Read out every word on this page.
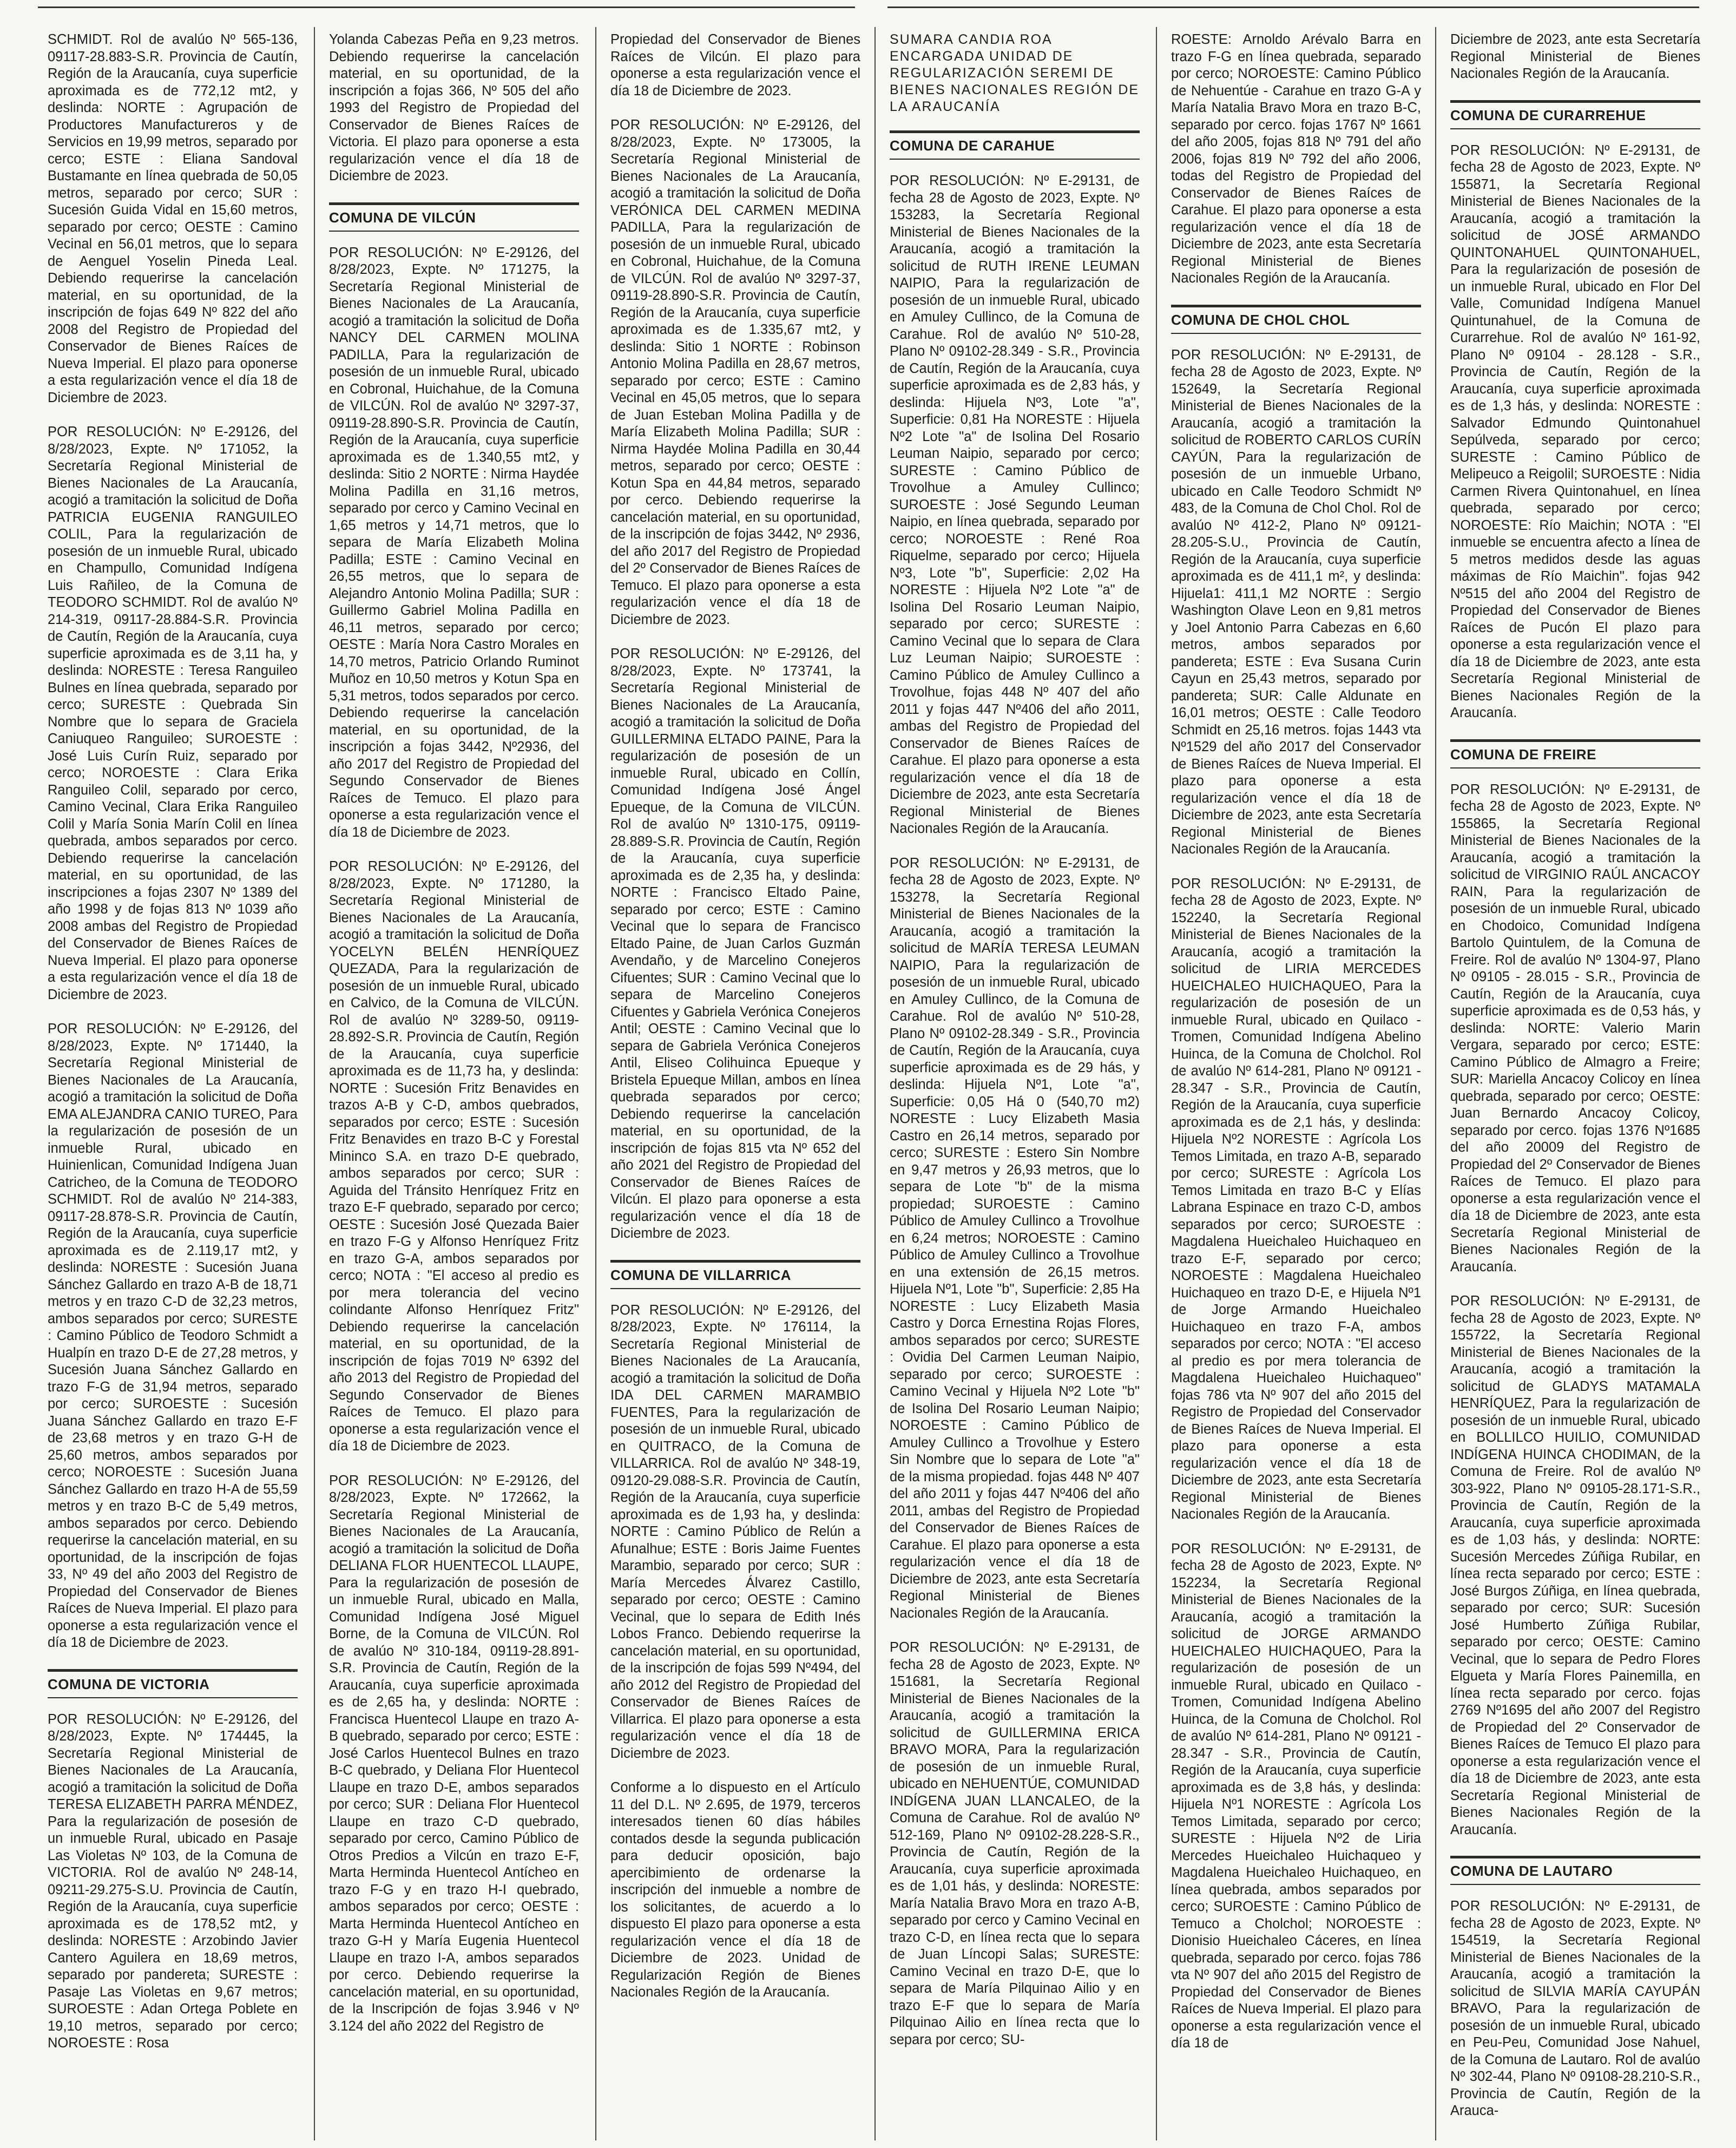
SCHMIDT. Rol de avalúo Nº 565-136, 09117-28.883-S.R. Provincia de Cautín, Región de la Araucanía, cuya superficie aproximada es de 772,12 mt2, y deslinda: NORTE : Agrupación de Productores Manufactureros y de Servicios en 19,99 metros, separado por cerco; ESTE : Eliana Sandoval Bustamante en línea quebrada de 50,05 metros, separado por cerco; SUR : Sucesión Guida Vidal en 15,60 metros, separado por cerco; OESTE : Camino Vecinal en 56,01 metros, que lo separa de Aenguel Yoselin Pineda Leal. Debiendo requerirse la cancelación material, en su oportunidad, de la inscripción de fojas 649 Nº 822 del año 2008 del Registro de Propiedad del Conservador de Bienes Raíces de Nueva Imperial. El plazo para oponerse a esta regularización vence el día 18 de Diciembre de 2023.

POR RESOLUCIÓN: Nº E-29126, del 8/28/2023, Expte. Nº 171052, la Secretaría Regional Ministerial de Bienes Nacionales de La Araucanía, acogió a tramitación la solicitud de Doña PATRICIA EUGENIA RANGUILEO COLIL, Para la regularización de posesión de un inmueble Rural, ubicado en Champullo, Comunidad Indígena Luis Rañileo, de la Comuna de TEODORO SCHMIDT. Rol de avalúo Nº 214-319, 09117-28.884-S.R. Provincia de Cautín, Región de la Araucanía, cuya superficie aproximada es de 3,11 ha, y deslinda: NORESTE : Teresa Ranguileo Bulnes en línea quebrada, separado por cerco; SURESTE : Quebrada Sin Nombre que lo separa de Graciela Caniuqueo Ranguileo; SUROESTE : José Luis Curín Ruiz, separado por cerco; NOROESTE : Clara Erika Ranguileo Colil, separado por cerco, Camino Vecinal, Clara Erika Ranguileo Colil y María Sonia Marín Colil en línea quebrada, ambos separados por cerco. Debiendo requerirse la cancelación material, en su oportunidad, de las inscripciones a fojas 2307 Nº 1389 del año 1998 y de fojas 813 Nº 1039 año 2008 ambas del Registro de Propiedad del Conservador de Bienes Raíces de Nueva Imperial. El plazo para oponerse a esta regularización vence el día 18 de Diciembre de 2023.

POR RESOLUCIÓN: Nº E-29126, del 8/28/2023, Expte. Nº 171440, la Secretaría Regional Ministerial de Bienes Nacionales de La Araucanía, acogió a tramitación la solicitud de Doña EMA ALEJANDRA CANIO TUREO, Para la regularización de posesión de un inmueble Rural, ubicado en Huinienlican, Comunidad Indígena Juan Catricheo, de la Comuna de TEODORO SCHMIDT. Rol de avalúo Nº 214-383, 09117-28.878-S.R. Provincia de Cautín, Región de la Araucanía, cuya superficie aproximada es de 2.119,17 mt2, y deslinda: NORESTE : Sucesión Juana Sánchez Gallardo en trazo A-B de 18,71 metros y en trazo C-D de 32,23 metros, ambos separados por cerco; SURESTE : Camino Público de Teodoro Schmidt a Hualpín en trazo D-E de 27,28 metros, y Sucesión Juana Sánchez Gallardo en trazo F-G de 31,94 metros, separado por cerco; SUROESTE : Sucesión Juana Sánchez Gallardo en trazo E-F de 23,68 metros y en trazo G-H de 25,60 metros, ambos separados por cerco; NOROESTE : Sucesión Juana Sánchez Gallardo en trazo H-A de 55,59 metros y en trazo B-C de 5,49 metros, ambos separados por cerco. Debiendo requerirse la cancelación material, en su oportunidad, de la inscripción de fojas 33, Nº 49 del año 2003 del Registro de Propiedad del Conservador de Bienes Raíces de Nueva Imperial. El plazo para oponerse a esta regularización vence el día 18 de Diciembre de 2023.

COMUNA DE VICTORIA

POR RESOLUCIÓN: Nº E-29126, del 8/28/2023, Expte. Nº 174445, la Secretaría Regional Ministerial de Bienes Nacionales de La Araucanía, acogió a tramitación la solicitud de Doña TERESA ELIZABETH PARRA MÉNDEZ, Para la regularización de posesión de un inmueble Rural, ubicado en Pasaje Las Violetas Nº 103, de la Comuna de VICTORIA. Rol de avalúo Nº 248-14, 09211-29.275-S.U. Provincia de Cautín, Región de la Araucanía, cuya superficie aproximada es de 178,52 mt2, y deslinda: NORESTE : Arzobindo Javier Cantero Aguilera en 18,69 metros, separado por pandereta; SURESTE : Pasaje Las Violetas en 9,67 metros; SUROESTE : Adan Ortega Poblete en 19,10 metros, separado por cerco; NOROESTE : Rosa

Yolanda Cabezas Peña en 9,23 metros. Debiendo requerirse la cancelación material, en su oportunidad, de la inscripción a fojas 366, Nº 505 del año 1993 del Registro de Propiedad del Conservador de Bienes Raíces de Victoria. El plazo para oponerse a esta regularización vence el día 18 de Diciembre de 2023.

COMUNA DE VILCÚN

POR RESOLUCIÓN: Nº E-29126, del 8/28/2023, Expte. Nº 171275, la Secretaría Regional Ministerial de Bienes Nacionales de La Araucanía, acogió a tramitación la solicitud de Doña NANCY DEL CARMEN MOLINA PADILLA, Para la regularización de posesión de un inmueble Rural, ubicado en Cobronal, Huichahue, de la Comuna de VILCÚN. Rol de avalúo Nº 3297-37, 09119-28.890-S.R. Provincia de Cautín, Región de la Araucanía, cuya superficie aproximada es de 1.340,55 mt2, y deslinda: Sitio 2 NORTE : Nirma Haydée Molina Padilla en 31,16 metros, separado por cerco y Camino Vecinal en 1,65 metros y 14,71 metros, que lo separa de María Elizabeth Molina Padilla; ESTE : Camino Vecinal en 26,55 metros, que lo separa de Alejandro Antonio Molina Padilla; SUR : Guillermo Gabriel Molina Padilla en 46,11 metros, separado por cerco; OESTE : María Nora Castro Morales en 14,70 metros, Patricio Orlando Ruminot Muñoz en 10,50 metros y Kotun Spa en 5,31 metros, todos separados por cerco. Debiendo requerirse la cancelación material, en su oportunidad, de la inscripción a fojas 3442, Nº2936, del año 2017 del Registro de Propiedad del Segundo Conservador de Bienes Raíces de Temuco. El plazo para oponerse a esta regularización vence el día 18 de Diciembre de 2023.

POR RESOLUCIÓN: Nº E-29126, del 8/28/2023, Expte. Nº 171280, la Secretaría Regional Ministerial de Bienes Nacionales de La Araucanía, acogió a tramitación la solicitud de Doña YOCELYN BELÉN HENRÍQUEZ QUEZADA, Para la regularización de posesión de un inmueble Rural, ubicado en Calvico, de la Comuna de VILCÚN. Rol de avalúo Nº 3289-50, 09119-28.892-S.R. Provincia de Cautín, Región de la Araucanía, cuya superficie aproximada es de 11,73 ha, y deslinda: NORTE : Sucesión Fritz Benavides en trazos A-B y C-D, ambos quebrados, separados por cerco; ESTE : Sucesión Fritz Benavides en trazo B-C y Forestal Mininco S.A. en trazo D-E quebrado, ambos separados por cerco; SUR : Aguida del Tránsito Henríquez Fritz en trazo E-F quebrado, separado por cerco; OESTE : Sucesión José Quezada Baier en trazo F-G y Alfonso Henríquez Fritz en trazo G-A, ambos separados por cerco; NOTA : "El acceso al predio es por mera tolerancia del vecino colindante Alfonso Henríquez Fritz" Debiendo requerirse la cancelación material, en su oportunidad, de la inscripción de fojas 7019 Nº 6392 del año 2013 del Registro de Propiedad del Segundo Conservador de Bienes Raíces de Temuco. El plazo para oponerse a esta regularización vence el día 18 de Diciembre de 2023.

POR RESOLUCIÓN: Nº E-29126, del 8/28/2023, Expte. Nº 172662, la Secretaría Regional Ministerial de Bienes Nacionales de La Araucanía, acogió a tramitación la solicitud de Doña DELIANA FLOR HUENTECOL LLAUPE, Para la regularización de posesión de un inmueble Rural, ubicado en Malla, Comunidad Indígena José Miguel Borne, de la Comuna de VILCÚN. Rol de avalúo Nº 310-184, 09119-28.891-S.R. Provincia de Cautín, Región de la Araucanía, cuya superficie aproximada es de 2,65 ha, y deslinda: NORTE : Francisca Huentecol Llaupe en trazo A-B quebrado, separado por cerco; ESTE : José Carlos Huentecol Bulnes en trazo B-C quebrado, y Deliana Flor Huentecol Llaupe en trazo D-E, ambos separados por cerco; SUR : Deliana Flor Huentecol Llaupe en trazo C-D quebrado, separado por cerco, Camino Público de Otros Predios a Vilcún en trazo E-F, Marta Herminda Huentecol Antícheo en trazo F-G y en trazo H-I quebrado, ambos separados por cerco; OESTE : Marta Herminda Huentecol Antícheo en trazo G-H y María Eugenia Huentecol Llaupe en trazo I-A, ambos separados por cerco. Debiendo requerirse la cancelación material, en su oportunidad, de la Inscripción de fojas 3.946 v Nº 3.124 del año 2022 del Registro de

Propiedad del Conservador de Bienes Raíces de Vilcún. El plazo para oponerse a esta regularización vence el día 18 de Diciembre de 2023.

POR RESOLUCIÓN: Nº E-29126, del 8/28/2023, Expte. Nº 173005, la Secretaría Regional Ministerial de Bienes Nacionales de La Araucanía, acogió a tramitación la solicitud de Doña VERÓNICA DEL CARMEN MEDINA PADILLA, Para la regularización de posesión de un inmueble Rural, ubicado en Cobronal, Huichahue, de la Comuna de VILCÚN. Rol de avalúo Nº 3297-37, 09119-28.890-S.R. Provincia de Cautín, Región de la Araucanía, cuya superficie aproximada es de 1.335,67 mt2, y deslinda: Sitio 1 NORTE : Robinson Antonio Molina Padilla en 28,67 metros, separado por cerco; ESTE : Camino Vecinal en 45,05 metros, que lo separa de Juan Esteban Molina Padilla y de María Elizabeth Molina Padilla; SUR : Nirma Haydée Molina Padilla en 30,44 metros, separado por cerco; OESTE : Kotun Spa en 44,84 metros, separado por cerco. Debiendo requerirse la cancelación material, en su oportunidad, de la inscripción de fojas 3442, Nº 2936, del año 2017 del Registro de Propiedad del 2º Conservador de Bienes Raíces de Temuco. El plazo para oponerse a esta regularización vence el día 18 de Diciembre de 2023.

POR RESOLUCIÓN: Nº E-29126, del 8/28/2023, Expte. Nº 173741, la Secretaría Regional Ministerial de Bienes Nacionales de La Araucanía, acogió a tramitación la solicitud de Doña GUILLERMINA ELTADO PAINE, Para la regularización de posesión de un inmueble Rural, ubicado en Collín, Comunidad Indígena José Ángel Epueque, de la Comuna de VILCÚN. Rol de avalúo Nº 1310-175, 09119-28.889-S.R. Provincia de Cautín, Región de la Araucanía, cuya superficie aproximada es de 2,35 ha, y deslinda: NORTE : Francisco Eltado Paine, separado por cerco; ESTE : Camino Vecinal que lo separa de Francisco Eltado Paine, de Juan Carlos Guzmán Avendaño, y de Marcelino Conejeros Cifuentes; SUR : Camino Vecinal que lo separa de Marcelino Conejeros Cifuentes y Gabriela Verónica Conejeros Antil; OESTE : Camino Vecinal que lo separa de Gabriela Verónica Conejeros Antil, Eliseo Colihuinca Epueque y Bristela Epueque Millan, ambos en línea quebrada separados por cerco; Debiendo requerirse la cancelación material, en su oportunidad, de la inscripción de fojas 815 vta Nº 652 del año 2021 del Registro de Propiedad del Conservador de Bienes Raíces de Vilcún. El plazo para oponerse a esta regularización vence el día 18 de Diciembre de 2023.

COMUNA DE VILLARRICA

POR RESOLUCIÓN: Nº E-29126, del 8/28/2023, Expte. Nº 176114, la Secretaría Regional Ministerial de Bienes Nacionales de La Araucanía, acogió a tramitación la solicitud de Doña IDA DEL CARMEN MARAMBIO FUENTES, Para la regularización de posesión de un inmueble Rural, ubicado en QUITRACO, de la Comuna de VILLARRICA. Rol de avalúo Nº 348-19, 09120-29.088-S.R. Provincia de Cautín, Región de la Araucanía, cuya superficie aproximada es de 1,93 ha, y deslinda: NORTE : Camino Público de Relún a Afunalhue; ESTE : Boris Jaime Fuentes Marambio, separado por cerco; SUR : María Mercedes Álvarez Castillo, separado por cerco; OESTE : Camino Vecinal, que lo separa de Edith Inés Lobos Franco. Debiendo requerirse la cancelación material, en su oportunidad, de la inscripción de fojas 599 Nº494, del año 2012 del Registro de Propiedad del Conservador de Bienes Raíces de Villarrica. El plazo para oponerse a esta regularización vence el día 18 de Diciembre de 2023.

Conforme a lo dispuesto en el Artículo 11 del D.L. Nº 2.695, de 1979, terceros interesados tienen 60 días hábiles contados desde la segunda publicación para deducir oposición, bajo apercibimiento de ordenarse la inscripción del inmueble a nombre de los solicitantes, de acuerdo a lo dispuesto El plazo para oponerse a esta regularización vence el día 18 de Diciembre de 2023. Unidad de Regularización Región de Bienes Nacionales Región de la Araucanía.

SUMARA CANDIA ROA ENCARGADA UNIDAD DE REGULARIZACIÓN SEREMI DE BIENES NACIONALES REGIÓN DE LA ARAUCANÍA
COMUNA DE CARAHUE

POR RESOLUCIÓN: Nº E-29131, de fecha 28 de Agosto de 2023, Expte. Nº 153283, la Secretaría Regional Ministerial de Bienes Nacionales de la Araucanía, acogió a tramitación la solicitud de RUTH IRENE LEUMAN NAIPIO, Para la regularización de posesión de un inmueble Rural, ubicado en Amuley Cullinco, de la Comuna de Carahue. Rol de avalúo Nº 510-28, Plano Nº 09102-28.349 - S.R., Provincia de Cautín, Región de la Araucanía, cuya superficie aproximada es de 2,83 hás, y deslinda: Hijuela Nº3, Lote "a", Superficie: 0,81 Ha NORESTE : Hijuela Nº2 Lote "a" de Isolina Del Rosario Leuman Naipio, separado por cerco; SURESTE : Camino Público de Trovolhue a Amuley Cullinco; SUROESTE : José Segundo Leuman Naipio, en línea quebrada, separado por cerco; NOROESTE : René Roa Riquelme, separado por cerco; Hijuela Nº3, Lote "b", Superficie: 2,02 Ha NORESTE : Hijuela Nº2 Lote "a" de Isolina Del Rosario Leuman Naipio, separado por cerco; SURESTE : Camino Vecinal que lo separa de Clara Luz Leuman Naipio; SUROESTE : Camino Público de Amuley Cullinco a Trovolhue, fojas 448 Nº 407 del año 2011 y fojas 447 Nº406 del año 2011, ambas del Registro de Propiedad del Conservador de Bienes Raíces de Carahue. El plazo para oponerse a esta regularización vence el día 18 de Diciembre de 2023, ante esta Secretaría Regional Ministerial de Bienes Nacionales Región de la Araucanía.

POR RESOLUCIÓN: Nº E-29131, de fecha 28 de Agosto de 2023, Expte. Nº 153278, la Secretaría Regional Ministerial de Bienes Nacionales de la Araucanía, acogió a tramitación la solicitud de MARÍA TERESA LEUMAN NAIPIO, Para la regularización de posesión de un inmueble Rural, ubicado en Amuley Cullinco, de la Comuna de Carahue. Rol de avalúo Nº 510-28, Plano Nº 09102-28.349 - S.R., Provincia de Cautín, Región de la Araucanía, cuya superficie aproximada es de 29 hás, y deslinda: Hijuela Nº1, Lote "a", Superficie: 0,05 Há 0 (540,70 m2) NORESTE : Lucy Elizabeth Masia Castro en 26,14 metros, separado por cerco; SURESTE : Estero Sin Nombre en 9,47 metros y 26,93 metros, que lo separa de Lote "b" de la misma propiedad; SUROESTE : Camino Público de Amuley Cullinco a Trovolhue en 6,24 metros; NOROESTE : Camino Público de Amuley Cullinco a Trovolhue en una extensión de 26,15 metros. Hijuela Nº1, Lote "b", Superficie: 2,85 Ha NORESTE : Lucy Elizabeth Masia Castro y Dorca Ernestina Rojas Flores, ambos separados por cerco; SURESTE : Ovidia Del Carmen Leuman Naipio, separado por cerco; SUROESTE : Camino Vecinal y Hijuela Nº2 Lote "b" de Isolina Del Rosario Leuman Naipio; NOROESTE : Camino Público de Amuley Cullinco a Trovolhue y Estero Sin Nombre que lo separa de Lote "a" de la misma propiedad. fojas 448 Nº 407 del año 2011 y fojas 447 Nº406 del año 2011, ambas del Registro de Propiedad del Conservador de Bienes Raíces de Carahue. El plazo para oponerse a esta regularización vence el día 18 de Diciembre de 2023, ante esta Secretaría Regional Ministerial de Bienes Nacionales Región de la Araucanía.

POR RESOLUCIÓN: Nº E-29131, de fecha 28 de Agosto de 2023, Expte. Nº 151681, la Secretaría Regional Ministerial de Bienes Nacionales de la Araucanía, acogió a tramitación la solicitud de GUILLERMINA ERICA BRAVO MORA, Para la regularización de posesión de un inmueble Rural, ubicado en NEHUENTÚE, COMUNIDAD INDÍGENA JUAN LLANCALEO, de la Comuna de Carahue. Rol de avalúo Nº 512-169, Plano Nº 09102-28.228-S.R., Provincia de Cautín, Región de la Araucanía, cuya superficie aproximada es de 1,01 hás, y deslinda: NORESTE: María Natalia Bravo Mora en trazo A-B, separado por cerco y Camino Vecinal en trazo C-D, en línea recta que lo separa de Juan Líncopi Salas; SURESTE: Camino Vecinal en trazo D-E, que lo separa de María Pilquinao Ailio y en trazo E-F que lo separa de María Pilquinao Ailio en línea recta que lo separa por cerco; SU-

ROESTE: Arnoldo Arévalo Barra en trazo F-G en línea quebrada, separado por cerco; NOROESTE: Camino Público de Nehuentúe - Carahue en trazo G-A y María Natalia Bravo Mora en trazo B-C, separado por cerco. fojas 1767 Nº 1661 del año 2005, fojas 818 Nº 791 del año 2006, fojas 819 Nº 792 del año 2006, todas del Registro de Propiedad del Conservador de Bienes Raíces de Carahue. El plazo para oponerse a esta regularización vence el día 18 de Diciembre de 2023, ante esta Secretaría Regional Ministerial de Bienes Nacionales Región de la Araucanía.

COMUNA DE CHOL CHOL

POR RESOLUCIÓN: Nº E-29131, de fecha 28 de Agosto de 2023, Expte. Nº 152649, la Secretaría Regional Ministerial de Bienes Nacionales de la Araucanía, acogió a tramitación la solicitud de ROBERTO CARLOS CURÍN CAYÚN, Para la regularización de posesión de un inmueble Urbano, ubicado en Calle Teodoro Schmidt Nº 483, de la Comuna de Chol Chol. Rol de avalúo Nº 412-2, Plano Nº 09121-28.205-S.U., Provincia de Cautín, Región de la Araucanía, cuya superficie aproximada es de 411,1 m², y deslinda: Hijuela1: 411,1 M2 NORTE : Sergio Washington Olave Leon en 9,81 metros y Joel Antonio Parra Cabezas en 6,60 metros, ambos separados por pandereta; ESTE : Eva Susana Curin Cayun en 25,43 metros, separado por pandereta; SUR: Calle Aldunate en 16,01 metros; OESTE : Calle Teodoro Schmidt en 25,16 metros. fojas 1443 vta Nº1529 del año 2017 del Conservador de Bienes Raíces de Nueva Imperial. El plazo para oponerse a esta regularización vence el día 18 de Diciembre de 2023, ante esta Secretaría Regional Ministerial de Bienes Nacionales Región de la Araucanía.

POR RESOLUCIÓN: Nº E-29131, de fecha 28 de Agosto de 2023, Expte. Nº 152240, la Secretaría Regional Ministerial de Bienes Nacionales de la Araucanía, acogió a tramitación la solicitud de LIRIA MERCEDES HUEICHALEO HUICHAQUEO, Para la regularización de posesión de un inmueble Rural, ubicado en Quilaco - Tromen, Comunidad Indígena Abelino Huinca, de la Comuna de Cholchol. Rol de avalúo Nº 614-281, Plano Nº 09121 - 28.347 - S.R., Provincia de Cautín, Región de la Araucanía, cuya superficie aproximada es de 2,1 hás, y deslinda: Hijuela Nº2 NORESTE : Agrícola Los Temos Limitada, en trazo A-B, separado por cerco; SURESTE : Agrícola Los Temos Limitada en trazo B-C y Elías Labrana Espinace en trazo C-D, ambos separados por cerco; SUROESTE : Magdalena Hueichaleo Huichaqueo en trazo E-F, separado por cerco; NOROESTE : Magdalena Hueichaleo Huichaqueo en trazo D-E, e Hijuela Nº1 de Jorge Armando Hueichaleo Huichaqueo en trazo F-A, ambos separados por cerco; NOTA : "El acceso al predio es por mera tolerancia de Magdalena Hueichaleo Huichaqueo" fojas 786 vta Nº 907 del año 2015 del Registro de Propiedad del Conservador de Bienes Raíces de Nueva Imperial. El plazo para oponerse a esta regularización vence el día 18 de Diciembre de 2023, ante esta Secretaría Regional Ministerial de Bienes Nacionales Región de la Araucanía.

POR RESOLUCIÓN: Nº E-29131, de fecha 28 de Agosto de 2023, Expte. Nº 152234, la Secretaría Regional Ministerial de Bienes Nacionales de la Araucanía, acogió a tramitación la solicitud de JORGE ARMANDO HUEICHALEO HUICHAQUEO, Para la regularización de posesión de un inmueble Rural, ubicado en Quilaco - Tromen, Comunidad Indígena Abelino Huinca, de la Comuna de Cholchol. Rol de avalúo Nº 614-281, Plano Nº 09121 - 28.347 - S.R., Provincia de Cautín, Región de la Araucanía, cuya superficie aproximada es de 3,8 hás, y deslinda: Hijuela Nº1 NORESTE : Agrícola Los Temos Limitada, separado por cerco; SURESTE : Hijuela Nº2 de Liria Mercedes Hueichaleo Huichaqueo y Magdalena Hueichaleo Huichaqueo, en línea quebrada, ambos separados por cerco; SUROESTE : Camino Público de Temuco a Cholchol; NOROESTE : Dionisio Hueichaleo Cáceres, en línea quebrada, separado por cerco. fojas 786 vta Nº 907 del año 2015 del Registro de Propiedad del Conservador de Bienes Raíces de Nueva Imperial. El plazo para oponerse a esta regularización vence el día 18 de

Diciembre de 2023, ante esta Secretaría Regional Ministerial de Bienes Nacionales Región de la Araucanía.

COMUNA DE CURARREHUE

POR RESOLUCIÓN: Nº E-29131, de fecha 28 de Agosto de 2023, Expte. Nº 155871, la Secretaría Regional Ministerial de Bienes Nacionales de la Araucanía, acogió a tramitación la solicitud de JOSÉ ARMANDO QUINTONAHUEL QUINTONAHUEL, Para la regularización de posesión de un inmueble Rural, ubicado en Flor Del Valle, Comunidad Indígena Manuel Quintunahuel, de la Comuna de Curarrehue. Rol de avalúo Nº 161-92, Plano Nº 09104 - 28.128 - S.R., Provincia de Cautín, Región de la Araucanía, cuya superficie aproximada es de 1,3 hás, y deslinda: NORESTE : Salvador Edmundo Quintonahuel Sepúlveda, separado por cerco; SURESTE : Camino Público de Melipeuco a Reigolil; SUROESTE : Nidia Carmen Rivera Quintonahuel, en línea quebrada, separado por cerco; NOROESTE: Río Maichin; NOTA : "El inmueble se encuentra afecto a línea de 5 metros medidos desde las aguas máximas de Río Maichin". fojas 942 Nº515 del año 2004 del Registro de Propiedad del Conservador de Bienes Raíces de Pucón El plazo para oponerse a esta regularización vence el día 18 de Diciembre de 2023, ante esta Secretaría Regional Ministerial de Bienes Nacionales Región de la Araucanía.

COMUNA DE FREIRE

POR RESOLUCIÓN: Nº E-29131, de fecha 28 de Agosto de 2023, Expte. Nº 155865, la Secretaría Regional Ministerial de Bienes Nacionales de la Araucanía, acogió a tramitación la solicitud de VIRGINIO RAÚL ANCACOY RAIN, Para la regularización de posesión de un inmueble Rural, ubicado en Chodoico, Comunidad Indígena Bartolo Quintulem, de la Comuna de Freire. Rol de avalúo Nº 1304-97, Plano Nº 09105 - 28.015 - S.R., Provincia de Cautín, Región de la Araucanía, cuya superficie aproximada es de 0,53 hás, y deslinda: NORTE: Valerio Marin Vergara, separado por cerco; ESTE: Camino Público de Almagro a Freire; SUR: Mariella Ancacoy Colicoy en línea quebrada, separado por cerco; OESTE: Juan Bernardo Ancacoy Colicoy, separado por cerco. fojas 1376 Nº1685 del año 20009 del Registro de Propiedad del 2º Conservador de Bienes Raíces de Temuco. El plazo para oponerse a esta regularización vence el día 18 de Diciembre de 2023, ante esta Secretaría Regional Ministerial de Bienes Nacionales Región de la Araucanía.

POR RESOLUCIÓN: Nº E-29131, de fecha 28 de Agosto de 2023, Expte. Nº 155722, la Secretaría Regional Ministerial de Bienes Nacionales de la Araucanía, acogió a tramitación la solicitud de GLADYS MATAMALA HENRÍQUEZ, Para la regularización de posesión de un inmueble Rural, ubicado en BOLLILCO HUILIO, COMUNIDAD INDÍGENA HUINCA CHODIMAN, de la Comuna de Freire. Rol de avalúo Nº 303-922, Plano Nº 09105-28.171-S.R., Provincia de Cautín, Región de la Araucanía, cuya superficie aproximada es de 1,03 hás, y deslinda: NORTE: Sucesión Mercedes Zúñiga Rubilar, en línea recta separado por cerco; ESTE : José Burgos Zúñiga, en línea quebrada, separado por cerco; SUR: Sucesión José Humberto Zúñiga Rubilar, separado por cerco; OESTE: Camino Vecinal, que lo separa de Pedro Flores Elgueta y María Flores Painemilla, en línea recta separado por cerco. fojas 2769 Nº1695 del año 2007 del Registro de Propiedad del 2º Conservador de Bienes Raíces de Temuco El plazo para oponerse a esta regularización vence el día 18 de Diciembre de 2023, ante esta Secretaría Regional Ministerial de Bienes Nacionales Región de la Araucanía.

COMUNA DE LAUTARO

POR RESOLUCIÓN: Nº E-29131, de fecha 28 de Agosto de 2023, Expte. Nº 154519, la Secretaría Regional Ministerial de Bienes Nacionales de la Araucanía, acogió a tramitación la solicitud de SILVIA MARÍA CAYUPÁN BRAVO, Para la regularización de posesión de un inmueble Rural, ubicado en Peu-Peu, Comunidad Jose Nahuel, de la Comuna de Lautaro. Rol de avalúo Nº 302-44, Plano Nº 09108-28.210-S.R., Provincia de Cautín, Región de la Arauca-
